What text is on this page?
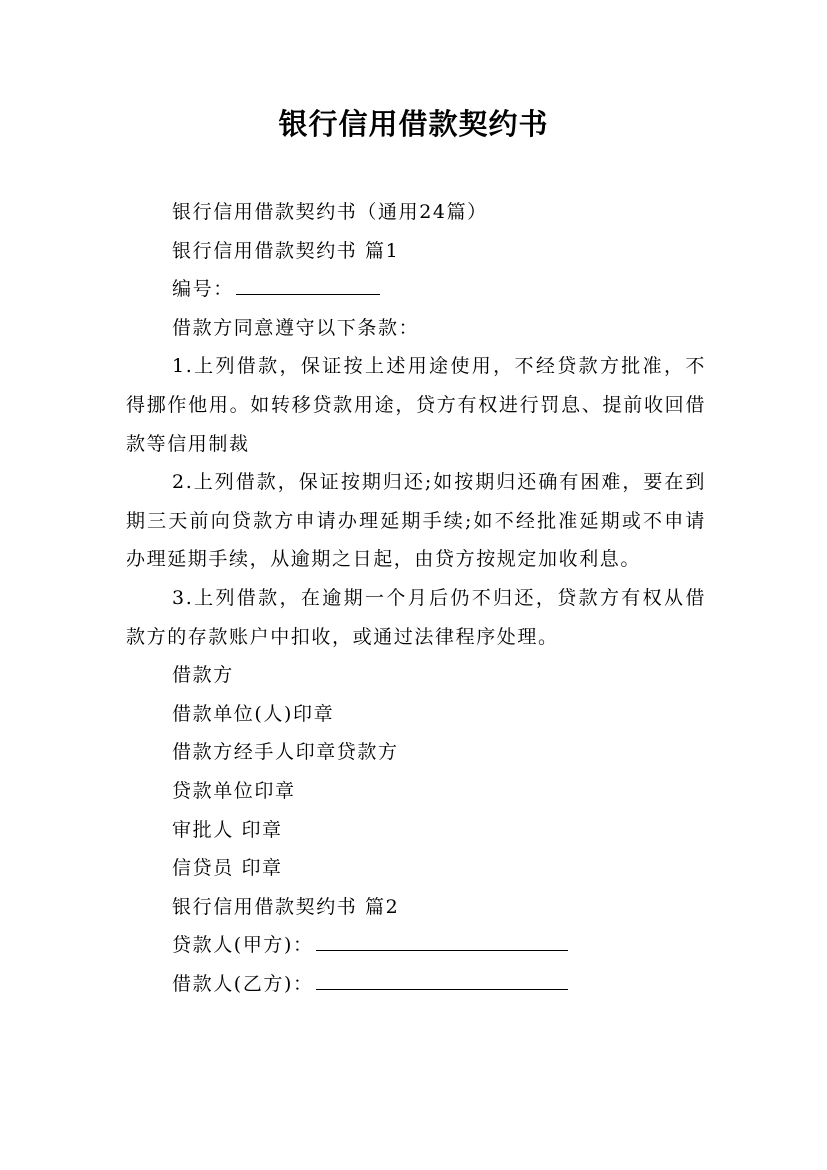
银行信用借款契约书

银行信用借款契约书（通用24篇）

银行信用借款契约书 篇1

编号：

借款方同意遵守以下条款：

1.上列借款，保证按上述用途使用，不经贷款方批准，不得挪作他用。如转移贷款用途，贷方有权进行罚息、提前收回借款等信用制裁

2.上列借款，保证按期归还;如按期归还确有困难，要在到期三天前向贷款方申请办理延期手续;如不经批准延期或不申请办理延期手续，从逾期之日起，由贷方按规定加收利息。

3.上列借款，在逾期一个月后仍不归还，贷款方有权从借款方的存款账户中扣收，或通过法律程序处理。

借款方

借款单位(人)印章

借款方经手人印章贷款方

贷款单位印章

审批人 印章

信贷员 印章

银行信用借款契约书 篇2

贷款人(甲方)：

借款人(乙方)：
